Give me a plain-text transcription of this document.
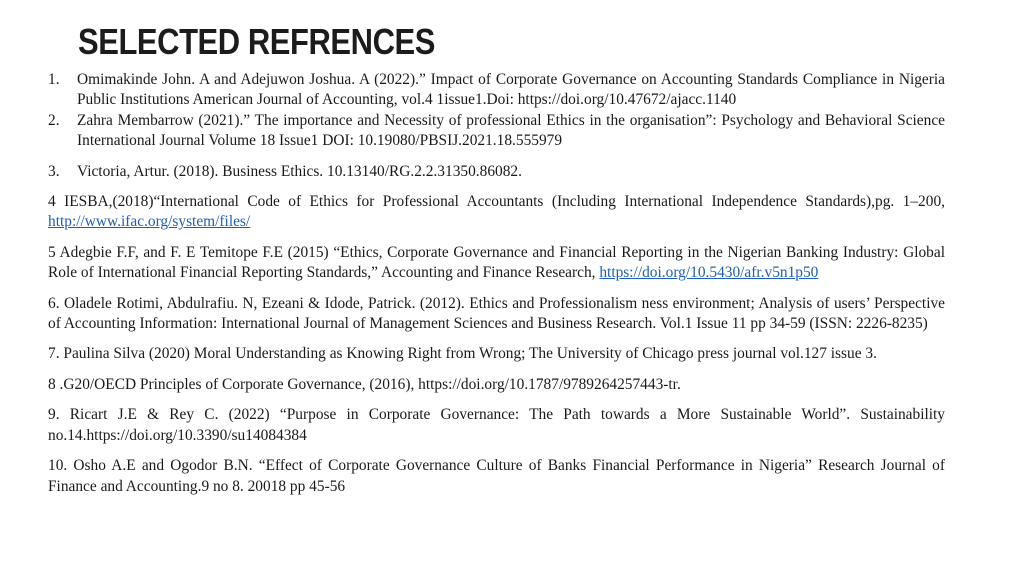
SELECTED REFRENCES
1.	Omimakinde John. A and Adejuwon Joshua. A (2022).” Impact of Corporate Governance on Accounting Standards Compliance in Nigeria Public Institutions American Journal of Accounting, vol.4 1issue1.Doi: https://doi.org/10.47672/ajacc.1140
2.	Zahra Membarrow (2021).” The importance and Necessity of professional Ethics in the organisation”: Psychology and Behavioral Science International Journal Volume 18 Issue1 DOI: 10.19080/PBSIJ.2021.18.555979
3.	Victoria, Artur. (2018). Business Ethics. 10.13140/RG.2.2.31350.86082.

4 IESBA,(2018)“International Code of Ethics for Professional Accountants (Including International Independence Standards),pg. 1–200, http://www.ifac.org/system/files/

5 Adegbie F.F, and F. E Temitope F.E (2015) “Ethics, Corporate Governance and Financial Reporting in the Nigerian Banking Industry: Global Role of International Financial Reporting Standards,” Accounting and Finance Research, https://doi.org/10.5430/afr.v5n1p50

6. Oladele Rotimi, Abdulrafiu. N, Ezeani & Idode, Patrick. (2012). Ethics and Professionalism ness environment; Analysis of users’ Perspective of Accounting Information: International Journal of Management Sciences and Business Research. Vol.1 Issue 11 pp 34-59 (ISSN: 2226-8235)

7. Paulina Silva (2020) Moral Understanding as Knowing Right from Wrong; The University of Chicago press journal vol.127 issue 3.

8 .G20/OECD Principles of Corporate Governance, (2016), https://doi.org/10.1787/9789264257443-tr.

9. Ricart J.E & Rey C. (2022) “Purpose in Corporate Governance: The Path towards a More Sustainable World”. Sustainability no.14.https://doi.org/10.3390/su14084384

10. Osho A.E and Ogodor B.N. “Effect of Corporate Governance Culture of Banks Financial Performance in Nigeria” Research Journal of Finance and Accounting.9 no 8. 20018 pp 45-56
